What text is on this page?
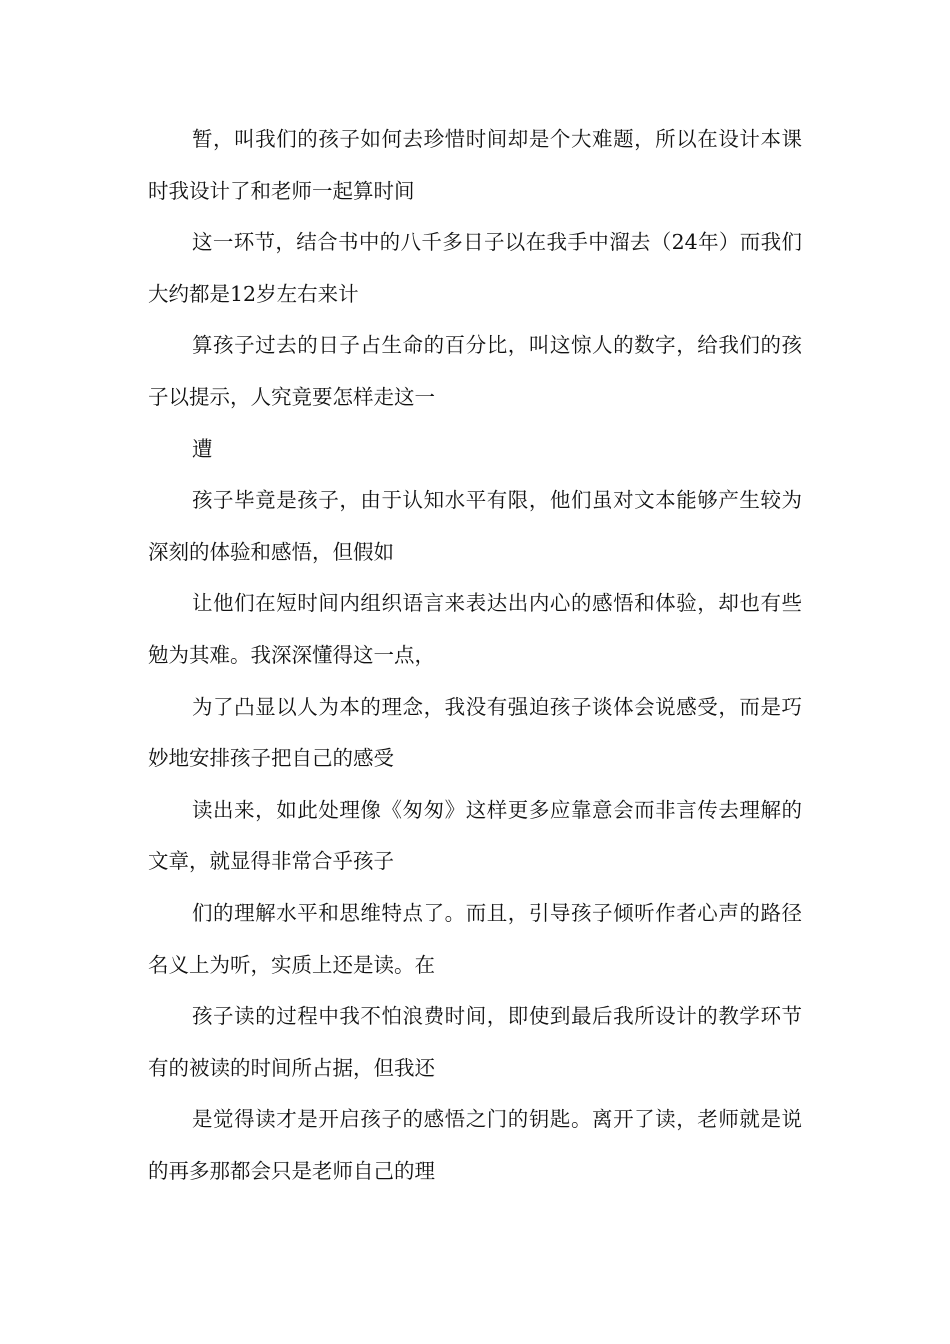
暂，叫我们的孩子如何去珍惜时间却是个大难题，所以在设计本课时我设计了和老师一起算时间

这一环节，结合书中的八千多日子以在我手中溜去（24年）而我们大约都是12岁左右来计

算孩子过去的日子占生命的百分比，叫这惊人的数字，给我们的孩子以提示，人究竟要怎样走这一

遭

孩子毕竟是孩子，由于认知水平有限，他们虽对文本能够产生较为深刻的体验和感悟，但假如

让他们在短时间内组织语言来表达出内心的感悟和体验，却也有些勉为其难。我深深懂得这一点，

为了凸显以人为本的理念，我没有强迫孩子谈体会说感受，而是巧妙地安排孩子把自己的感受

读出来，如此处理像《匆匆》这样更多应靠意会而非言传去理解的文章，就显得非常合乎孩子

们的理解水平和思维特点了。而且，引导孩子倾听作者心声的路径名义上为听，实质上还是读。在

孩子读的过程中我不怕浪费时间，即使到最后我所设计的教学环节有的被读的时间所占据，但我还

是觉得读才是开启孩子的感悟之门的钥匙。离开了读，老师就是说的再多那都会只是老师自己的理
